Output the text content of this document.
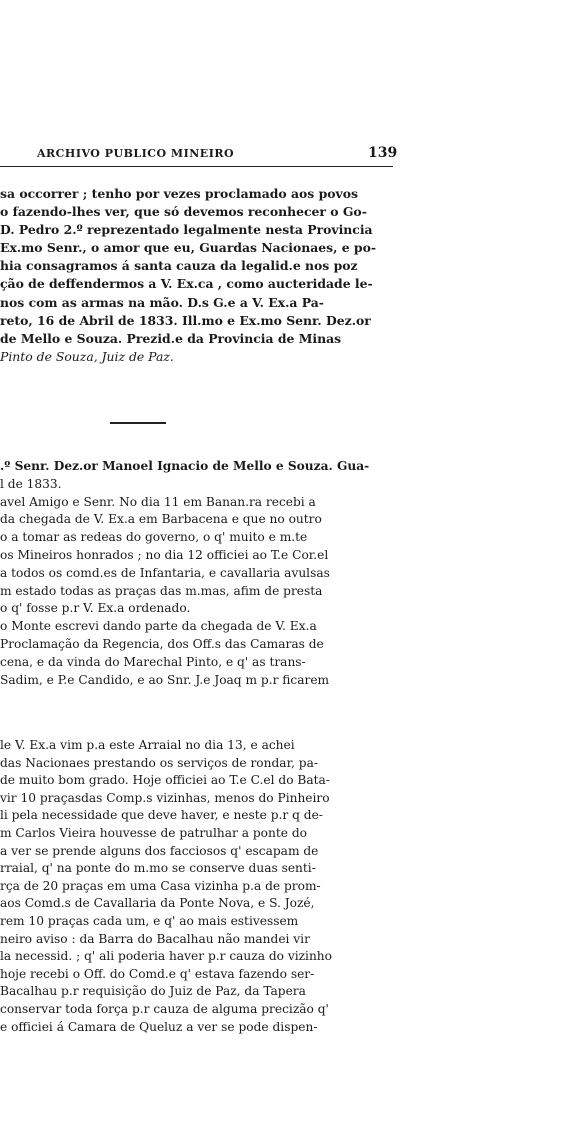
ARCHIVO PUBLICO MINEIRO	139
sa occorrer ; tenho por vezes proclamado aos povos
o fazendo-lhes ver, que só devemos reconhecer o Go-
D. Pedro 2.º reprezentado legalmente nesta Provincia
Ex.mo Senr., o amor que eu, Guardas Nacionaes, e po-
hia consagramos á santa cauza da legalid.e nos poz
ção de deffendermos a V. Ex.ca , como aucteridade le-
nos com as armas na mão. D.s G.e a V. Ex.a Pa-
reto, 16 de Abril de 1833. Ill.mo e Ex.mo Senr. Dez.or
de Mello e Souza. Prezid.e da Provincia de Minas
Pinto de Souza, Juiz de Paz.
.º Senr. Dez.or Manoel Ignacio de Mello e Souza. Gua-
l de 1833.
avel Amigo e Senr. No dia 11 em Banan.ra recebi a
da chegada de V. Ex.a em Barbacena e que no outro
o a tomar as redeas do governo, o q' muito e m.te
os Mineiros honrados ; no dia 12 officiei ao T.e Cor.el
a todos os comd.es de Infantaria, e cavallaria avulsas
m estado todas as praças das m.mas, afim de presta
o q' fosse p.r V. Ex.a ordenado.
o Monte escrevi dando parte da chegada de V. Ex.a
Proclamação da Regencia, dos Off.s das Camaras de
cena, e da vinda do Marechal Pinto, e q' as trans-
Sadim, e P.e Candido, e ao Snr. J.e Joaq m p.r ficarem
le V. Ex.a vim p.a este Arraial no dia 13, e achei
das Nacionaes prestando os serviços de rondar, pa-
de muito bom grado. Hoje officiei ao T.e C.el do Bata-
vir 10 praçasdas Comp.s vizinhas, menos do Pinheiro
li pela necessidade que deve haver, e neste p.r q de-
m Carlos Vieira houvesse de patrulhar a ponte do
a ver se prende alguns dos facciosos q' escapam de
rraial, q' na ponte do m.mo se conserve duas senti-
rça de 20 praças em uma Casa vizinha p.a de prom-
aos Comd.s de Cavallaria da Ponte Nova, e S. Jozé,
rem 10 praças cada um, e q' ao mais estivessem
neiro aviso : da Barra do Bacalhau não mandei vir
la necessid. ; q' ali poderia haver p.r cauza do vizinho
hoje recebi o Off. do Comd.e q' estava fazendo ser-
Bacalhau p.r requisição do Juiz de Paz, da Tapera
conservar toda força p.r cauza de alguma precizão q'
e officiei á Camara de Queluz a ver se pode dispen-
